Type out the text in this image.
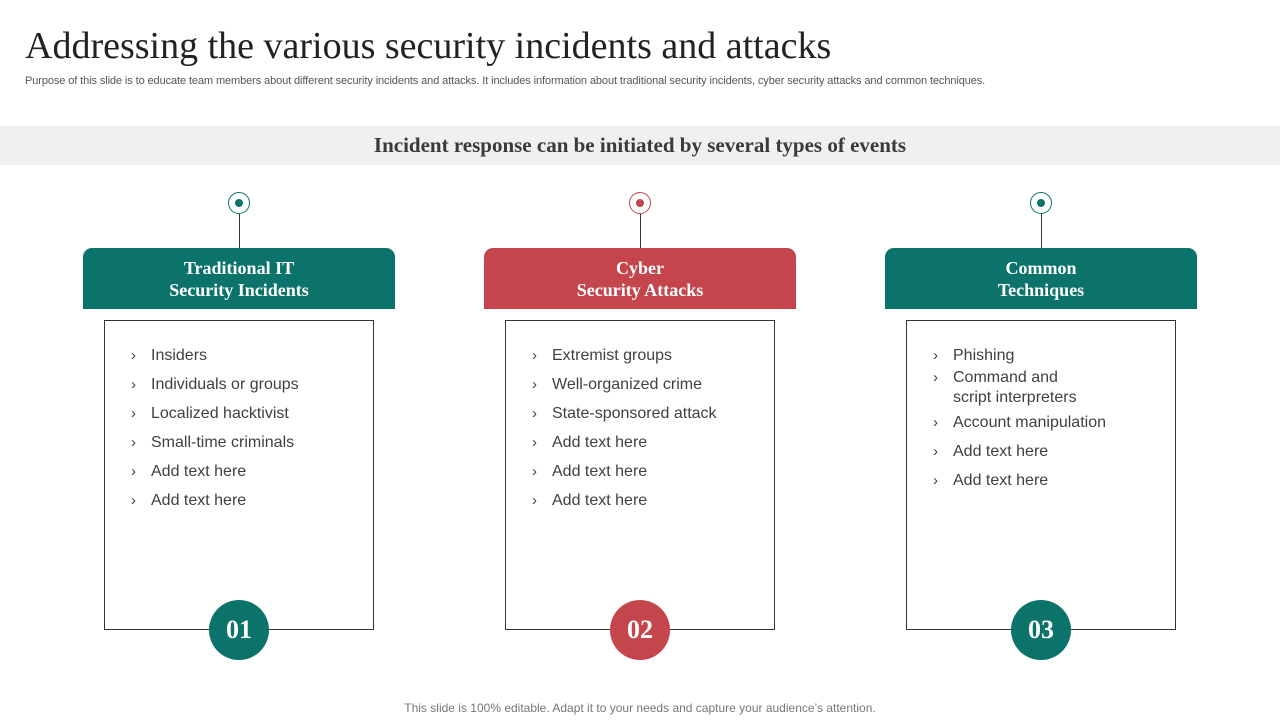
Addressing the various security incidents and attacks
Purpose of this slide is to educate team members about different security incidents and attacks. It includes information about traditional security incidents, cyber security attacks and common techniques.
Incident response can be initiated by several types of events
Traditional IT
Security Incidents
› Insiders
› Individuals or groups
› Localized hacktivist
› Small-time criminals
› Add text here
› Add text here
01
Cyber
Security Attacks
› Extremist groups
› Well-organized crime
› State-sponsored attack
› Add text here
› Add text here
› Add text here
02
Common
Techniques
› Phishing
› Command and
script interpreters
› Account manipulation
› Add text here
› Add text here
03
This slide is 100% editable. Adapt it to your needs and capture your audience’s attention.
